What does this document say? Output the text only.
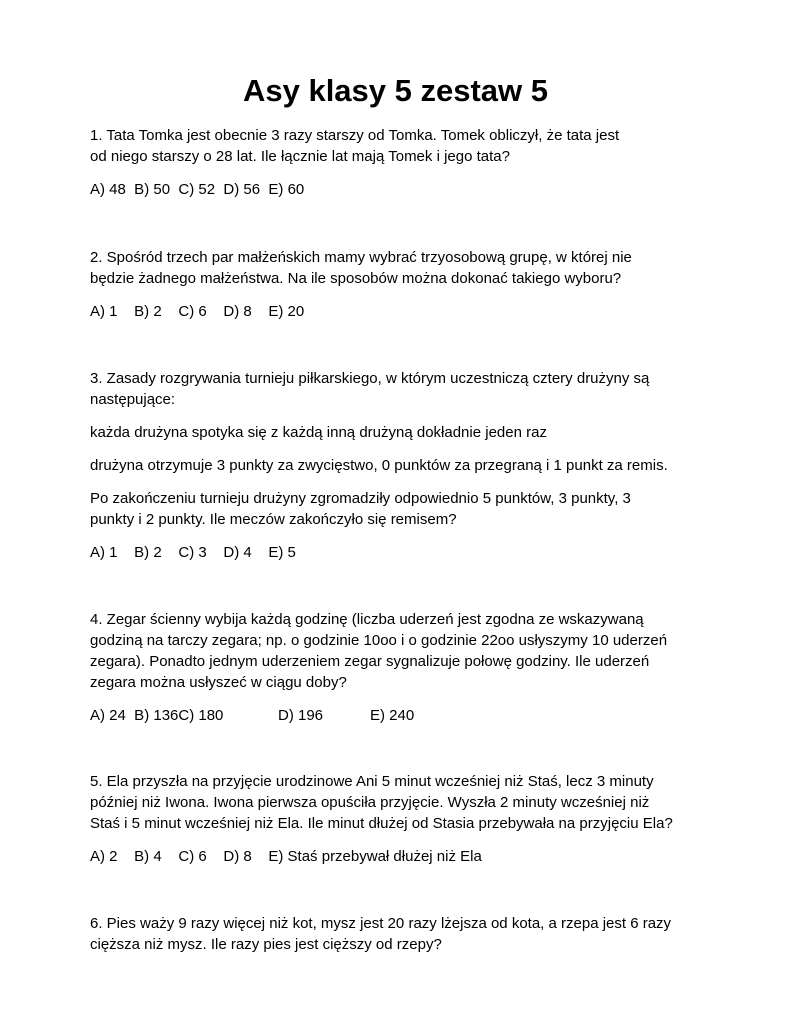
Asy klasy 5 zestaw 5

1. Tata Tomka jest obecnie 3 razy starszy od Tomka. Tomek obliczył, że tata jest

od niego starszy o 28 lat. Ile łącznie lat mają Tomek i jego tata?

A) 48  B) 50  C) 52  D) 56  E) 60

2. Spośród trzech par małżeńskich mamy wybrać trzyosobową grupę, w której nie

będzie żadnego małżeństwa. Na ile sposobów można dokonać takiego wyboru?

A) 1    B) 2    C) 6    D) 8    E) 20

3. Zasady rozgrywania turnieju piłkarskiego, w którym uczestniczą cztery drużyny są

następujące:

każda drużyna spotyka się z każdą inną drużyną dokładnie jeden raz

drużyna otrzymuje 3 punkty za zwycięstwo, 0 punktów za przegraną i 1 punkt za remis.

Po zakończeniu turnieju drużyny zgromadziły odpowiednio 5 punktów, 3 punkty, 3

punkty i 2 punkty. Ile meczów zakończyło się remisem?

A) 1    B) 2    C) 3    D) 4    E) 5

4. Zegar ścienny wybija każdą godzinę (liczba uderzeń jest zgodna ze wskazywaną

godziną na tarczy zegara; np. o godzinie 10oo i o godzinie 22oo usłyszymy 10 uderzeń

zegara). Ponadto jednym uderzeniem zegar sygnalizuje połowę godziny. Ile uderzeń

zegara można usłyszeć w ciągu doby?

A) 24  B) 136C) 180	D) 196	E) 240

5. Ela przyszła na przyjęcie urodzinowe Ani 5 minut wcześniej niż Staś, lecz 3 minuty

później niż Iwona. Iwona pierwsza opuściła przyjęcie. Wyszła 2 minuty wcześniej niż

Staś i 5 minut wcześniej niż Ela. Ile minut dłużej od Stasia przebywała na przyjęciu Ela?

A) 2    B) 4    C) 6    D) 8    E) Staś przebywał dłużej niż Ela

6. Pies waży 9 razy więcej niż kot, mysz jest 20 razy lżejsza od kota, a rzepa jest 6 razy

cięższa niż mysz. Ile razy pies jest cięższy od rzepy?
